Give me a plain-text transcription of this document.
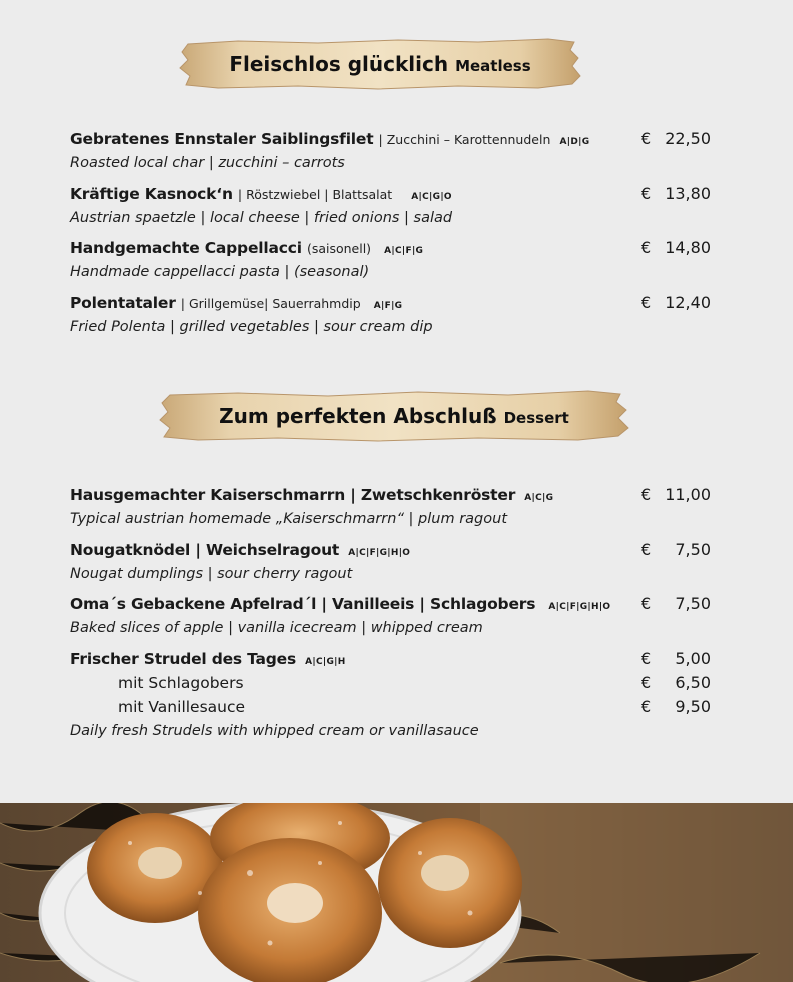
Fleischlos glücklich Meatless
Gebratenes Ennstaler Saiblingsfilet | Zucchini – Karottennudeln A|D|G	€ 22,50
Roasted local char | zucchini – carrots
Kräftige Kasnock‘n | Röstzwiebel | Blattsalat A|C|G|O	€ 13,80
Austrian spaetzle | local cheese | fried onions | salad
Handgemachte Cappellacci (saisonell) A|C|F|G	€ 14,80
Handmade cappellacci pasta | (seasonal)
Polentataler | Grillgemüse| Sauerrahmdip A|F|G	€ 12,40
Fried Polenta | grilled vegetables | sour cream dip
Zum perfekten Abschluß Dessert
Hausgemachter Kaiserschmarrn | Zwetschkenröster A|C|G	€ 11,00
Typical austrian homemade „Kaiserschmarrn“ | plum ragout
Nougatknödel | Weichselragout A|C|F|G|H|O	€ 7,50
Nougat dumplings | sour cherry ragout
Oma´s Gebackene Apfelrad´l | Vanilleeis | Schlagobers A|C|F|G|H|O € 7,50
Baked slices of apple | vanilla icecream | whipped cream
Frischer Strudel des Tages A|C|G|H	€ 5,00
mit Schlagobers	€ 6,50
mit Vanillesauce	€ 9,50
Daily fresh Strudels with whipped cream or vanillasauce
